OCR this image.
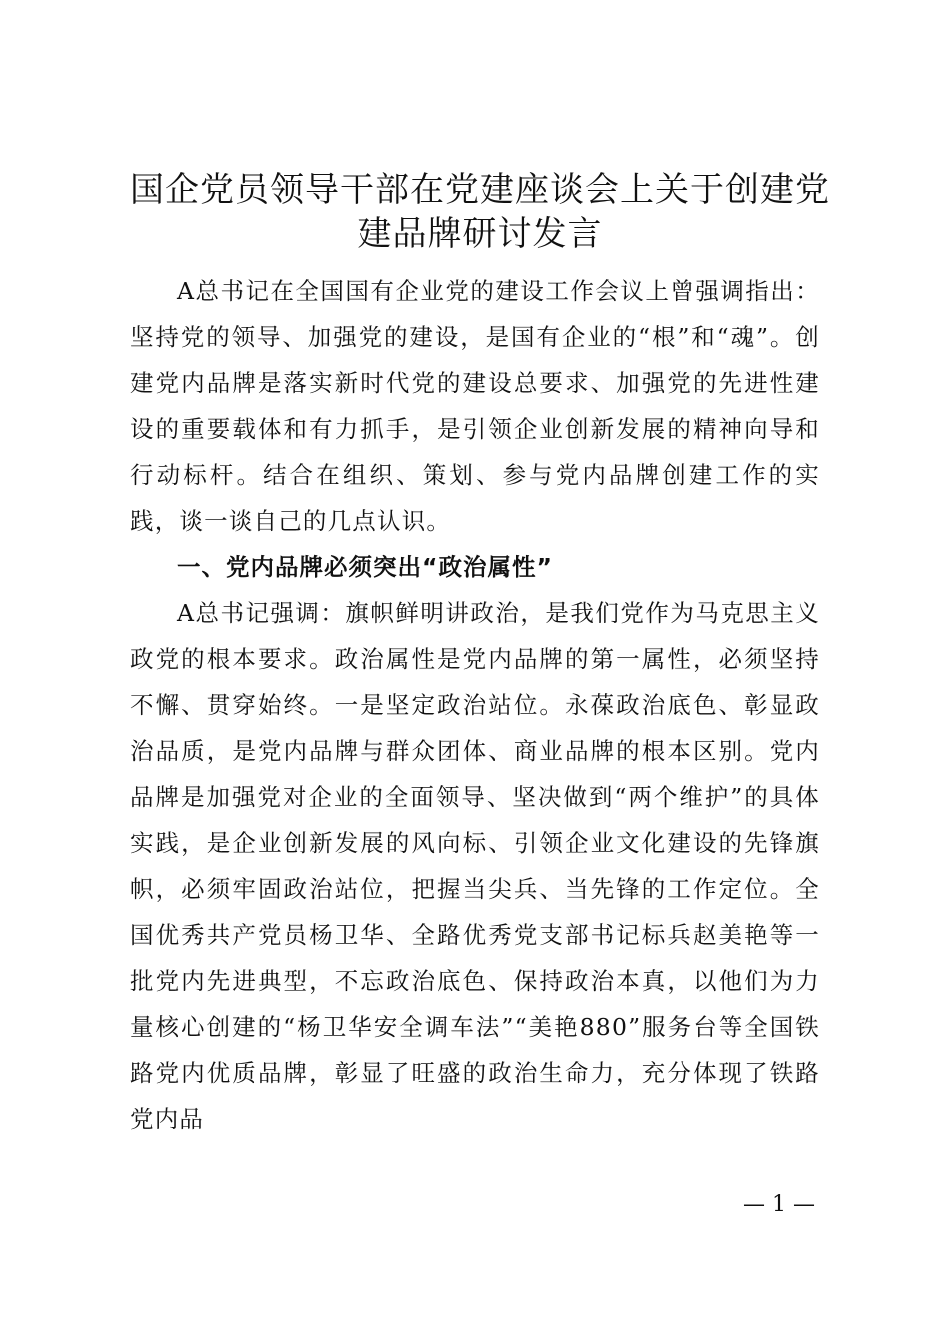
国企党员领导干部在党建座谈会上关于创建党
建品牌研讨发言

A总书记在全国国有企业党的建设工作会议上曾强调指出：坚持党的领导、加强党的建设，是国有企业的“根”和“魂”。创建党内品牌是落实新时代党的建设总要求、加强党的先进性建设的重要载体和有力抓手，是引领企业创新发展的精神向导和行动标杆。结合在组织、策划、参与党内品牌创建工作的实践，谈一谈自己的几点认识。

一、党内品牌必须突出“政治属性”

A总书记强调：旗帜鲜明讲政治，是我们党作为马克思主义政党的根本要求。政治属性是党内品牌的第一属性，必须坚持不懈、贯穿始终。一是坚定政治站位。永葆政治底色、彰显政治品质，是党内品牌与群众团体、商业品牌的根本区别。党内品牌是加强党对企业的全面领导、坚决做到“两个维护”的具体实践，是企业创新发展的风向标、引领企业文化建设的先锋旗帜，必须牢固政治站位，把握当尖兵、当先锋的工作定位。全国优秀共产党员杨卫华、全路优秀党支部书记标兵赵美艳等一批党内先进典型，不忘政治底色、保持政治本真，以他们为力量核心创建的“杨卫华安全调车法”“美艳880”服务台等全国铁路党内优质品牌，彰显了旺盛的政治生命力，充分体现了铁路党内品

— 1 —
